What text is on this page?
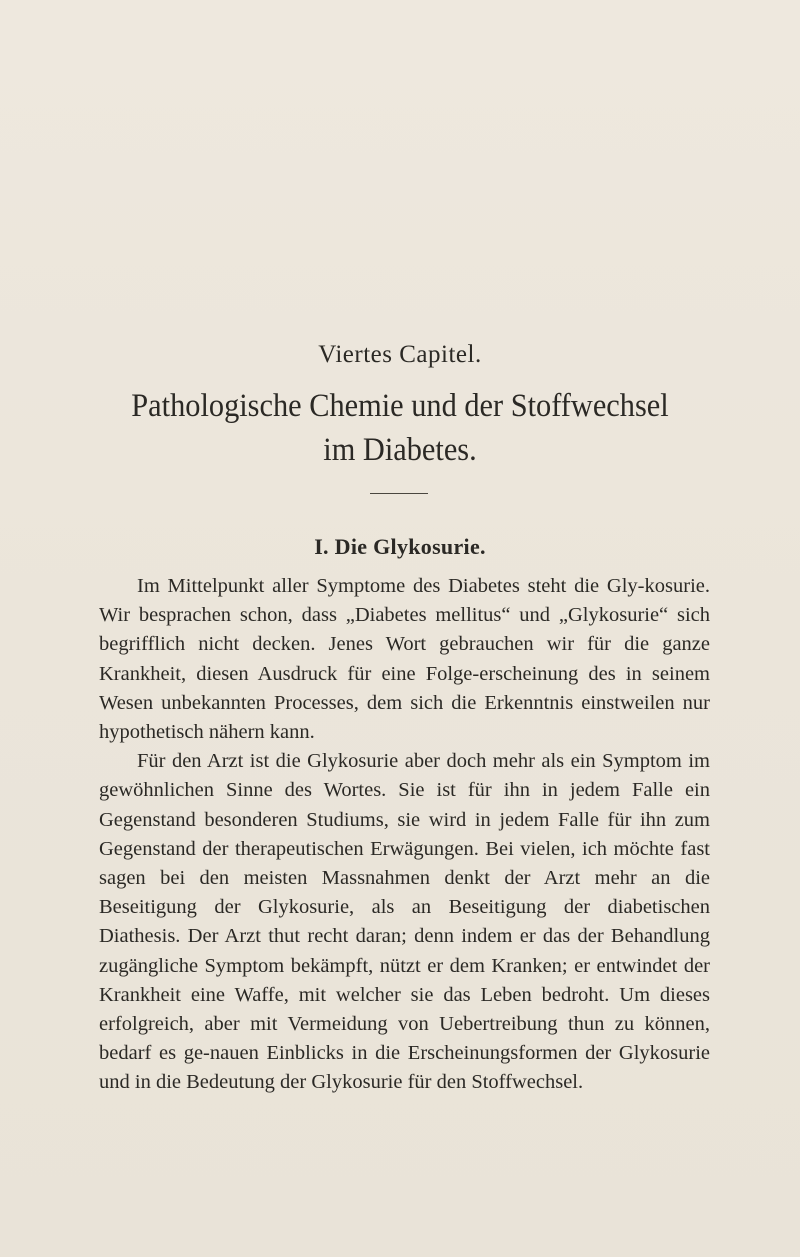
Viertes Capitel.
Pathologische Chemie und der Stoffwechsel
im Diabetes.
I. Die Glykosurie.

Im Mittelpunkt aller Symptome des Diabetes steht die Gly-kosurie. Wir besprachen schon, dass „Diabetes mellitus“ und „Glykosurie“ sich begrifflich nicht decken. Jenes Wort gebrauchen wir für die ganze Krankheit, diesen Ausdruck für eine Folge-erscheinung des in seinem Wesen unbekannten Processes, dem sich die Erkenntnis einstweilen nur hypothetisch nähern kann.

Für den Arzt ist die Glykosurie aber doch mehr als ein Symptom im gewöhnlichen Sinne des Wortes. Sie ist für ihn in jedem Falle ein Gegenstand besonderen Studiums, sie wird in jedem Falle für ihn zum Gegenstand der therapeutischen Erwägungen. Bei vielen, ich möchte fast sagen bei den meisten Massnahmen denkt der Arzt mehr an die Beseitigung der Glykosurie, als an Beseitigung der diabetischen Diathesis. Der Arzt thut recht daran; denn indem er das der Behandlung zugängliche Symptom bekämpft, nützt er dem Kranken; er entwindet der Krankheit eine Waffe, mit welcher sie das Leben bedroht. Um dieses erfolgreich, aber mit Vermeidung von Uebertreibung thun zu können, bedarf es ge-nauen Einblicks in die Erscheinungsformen der Glykosurie und in die Bedeutung der Glykosurie für den Stoffwechsel.
